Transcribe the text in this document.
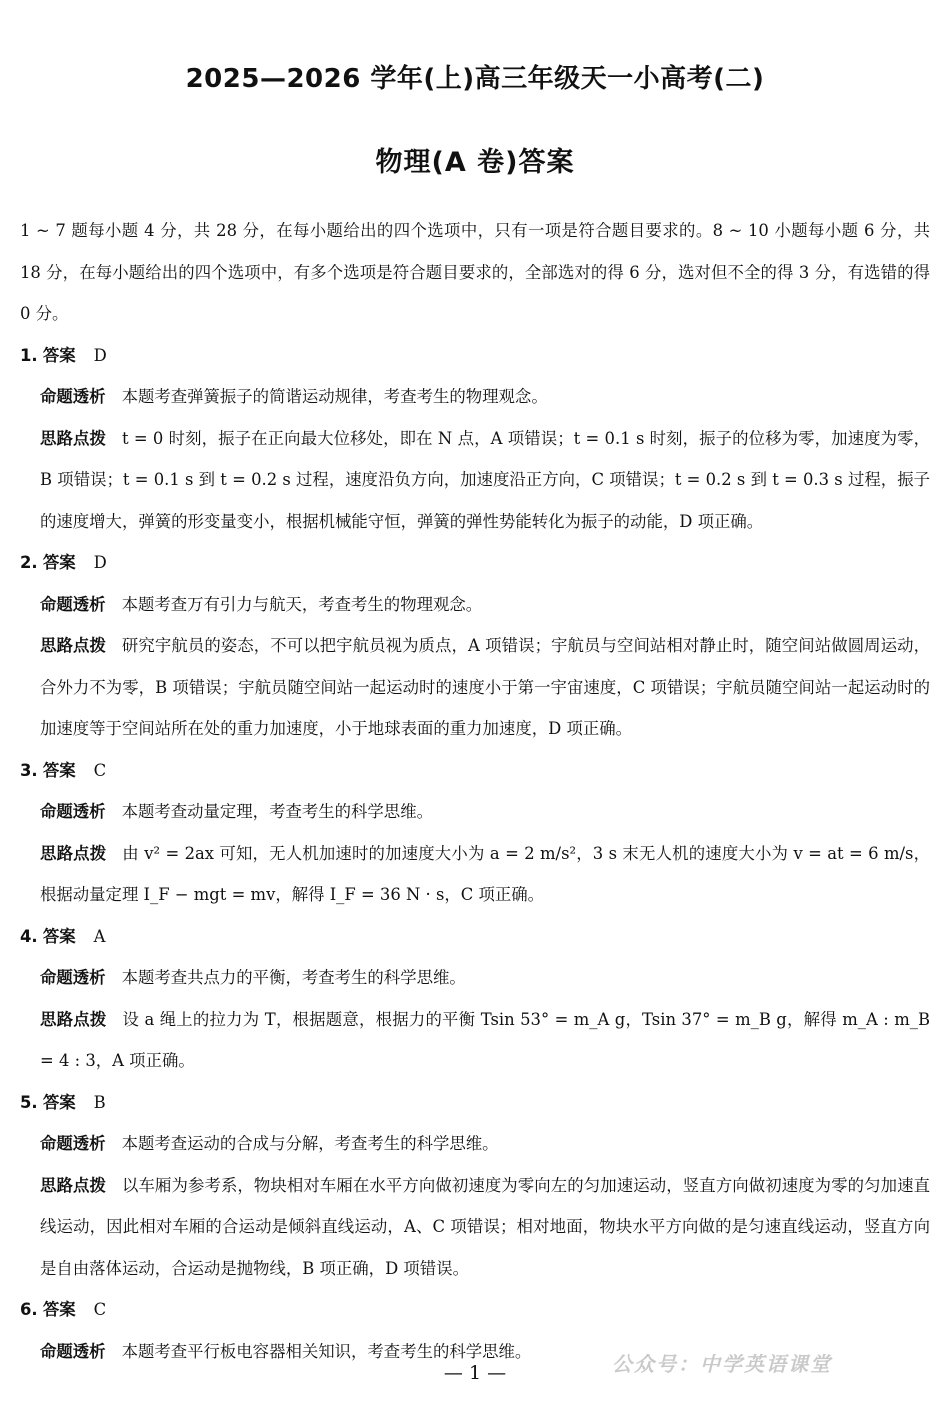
2025—2026 学年(上)高三年级天一小高考(二)
物理(A 卷)答案
1 ~ 7 题每小题 4 分，共 28 分，在每小题给出的四个选项中，只有一项是符合题目要求的。8 ~ 10 小题每小题 6 分，共 18 分，在每小题给出的四个选项中，有多个选项是符合题目要求的，全部选对的得 6 分，选对但不全的得 3 分，有选错的得 0 分。
1. 答案 D
命题透析 本题考查弹簧振子的简谐运动规律，考查考生的物理观念。
思路点拨 t = 0 时刻，振子在正向最大位移处，即在 N 点，A 项错误；t = 0.1 s 时刻，振子的位移为零，加速度为零，B 项错误；t = 0.1 s 到 t = 0.2 s 过程，速度沿负方向，加速度沿正方向，C 项错误；t = 0.2 s 到 t = 0.3 s 过程，振子的速度增大，弹簧的形变量变小，根据机械能守恒，弹簧的弹性势能转化为振子的动能，D 项正确。
2. 答案 D
命题透析 本题考查万有引力与航天，考查考生的物理观念。
思路点拨 研究宇航员的姿态，不可以把宇航员视为质点，A 项错误；宇航员与空间站相对静止时，随空间站做圆周运动，合外力不为零，B 项错误；宇航员随空间站一起运动时的速度小于第一宇宙速度，C 项错误；宇航员随空间站一起运动时的加速度等于空间站所在处的重力加速度，小于地球表面的重力加速度，D 项正确。
3. 答案 C
命题透析 本题考查动量定理，考查考生的科学思维。
思路点拨 由 v² = 2ax 可知，无人机加速时的加速度大小为 a = 2 m/s²，3 s 末无人机的速度大小为 v = at = 6 m/s，根据动量定理 I_F − mgt = mv，解得 I_F = 36 N · s，C 项正确。
4. 答案 A
命题透析 本题考查共点力的平衡，考查考生的科学思维。
思路点拨 设 a 绳上的拉力为 T，根据题意，根据力的平衡 Tsin 53° = m_A g，Tsin 37° = m_B g，解得 m_A : m_B = 4 : 3，A 项正确。
5. 答案 B
命题透析 本题考查运动的合成与分解，考查考生的科学思维。
思路点拨 以车厢为参考系，物块相对车厢在水平方向做初速度为零向左的匀加速运动，竖直方向做初速度为零的匀加速直线运动，因此相对车厢的合运动是倾斜直线运动，A、C 项错误；相对地面，物块水平方向做的是匀速直线运动，竖直方向是自由落体运动，合运动是抛物线，B 项正确，D 项错误。
6. 答案 C
命题透析 本题考查平行板电容器相关知识，考查考生的科学思维。
— 1 —	公众号：中学英语课堂
